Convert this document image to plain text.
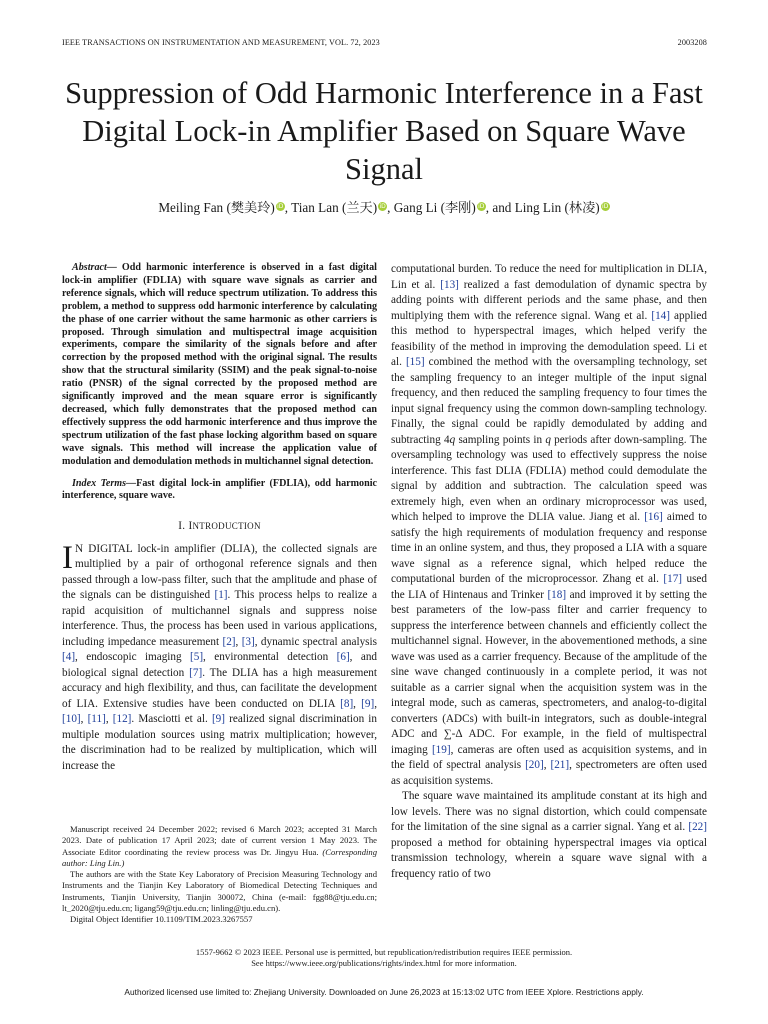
IEEE TRANSACTIONS ON INSTRUMENTATION AND MEASUREMENT, VOL. 72, 2023	2003208
Suppression of Odd Harmonic Interference in a Fast Digital Lock-in Amplifier Based on Square Wave Signal
Meiling Fan (樊美玲) iD, Tian Lan (兰天) iD, Gang Li (李刚) iD, and Ling Lin (林凌) iD

Abstract— Odd harmonic interference is observed in a fast digital lock-in amplifier (FDLIA) with square wave signals as carrier and reference signals, which will reduce spectrum utilization. To address this problem, a method to suppress odd harmonic interference by calculating the phase of one carrier without the same harmonic as other carriers is proposed. Through simulation and multispectral image acquisition experiments, compare the similarity of the signals before and after correction by the proposed method with the original signal. The results show that the structural similarity (SSIM) and the peak signal-to-noise ratio (PNSR) of the signal corrected by the proposed method are significantly improved and the mean square error is significantly decreased, which fully demonstrates that the proposed method can effectively suppress the odd harmonic interference and thus improve the spectrum utilization of the fast phase locking algorithm based on square wave signals. This method will increase the application value of modulation and demodulation methods in multichannel signal detection.

Index Terms—Fast digital lock-in amplifier (FDLIA), odd harmonic interference, square wave.

I. INTRODUCTION

I N DIGITAL lock-in amplifier (DLIA), the collected signals are multiplied by a pair of orthogonal reference signals and then passed through a low-pass filter, such that the amplitude and phase of the signals can be distinguished [1]. This process helps to realize a rapid acquisition of multichannel signals and suppress noise interference. Thus, the process has been used in various applications, including impedance measurement [2], [3], dynamic spectral analysis [4], endoscopic imaging [5], environmental detection [6], and biological signal detection [7]. The DLIA has a high measurement accuracy and high flexibility, and thus, can facilitate the development of LIA. Extensive studies have been conducted on DLIA [8], [9], [10], [11], [12]. Masciotti et al. [9] realized signal discrimination in multiple modulation sources using matrix multiplication; however, the discrimination had to be realized by multiplication, which will increase the

Manuscript received 24 December 2022; revised 6 March 2023; accepted 31 March 2023. Date of publication 17 April 2023; date of current version 1 May 2023. The Associate Editor coordinating the review process was Dr. Jingyu Hua. (Corresponding author: Ling Lin.)

The authors are with the State Key Laboratory of Precision Measuring Technology and Instruments and the Tianjin Key Laboratory of Biomedical Detecting Techniques and Instruments, Tianjin University, Tianjin 300072, China (e-mail: fgg88@tju.edu.cn; lt_2020@tju.edu.cn; ligang59@tju.edu.cn; linling@tju.edu.cn).

Digital Object Identifier 10.1109/TIM.2023.3267557

computational burden. To reduce the need for multiplication in DLIA, Lin et al. [13] realized a fast demodulation of dynamic spectra by adding points with different periods and the same phase, and then multiplying them with the reference signal. Wang et al. [14] applied this method to hyperspectral images, which helped verify the feasibility of the method in improving the demodulation speed. Li et al. [15] combined the method with the oversampling technology, set the sampling frequency to an integer multiple of the input signal frequency, and then reduced the sampling frequency to four times the input signal frequency using the common down-sampling technology. Finally, the signal could be rapidly demodulated by adding and subtracting 4q sampling points in q periods after down-sampling. The oversampling technology was used to effectively suppress the noise interference. This fast DLIA (FDLIA) method could demodulate the signal by addition and subtraction. The calculation speed was extremely high, even when an ordinary microprocessor was used, which helped to improve the DLIA value. Jiang et al. [16] aimed to satisfy the high requirements of modulation frequency and response time in an online system, and thus, they proposed a LIA with a square wave signal as a reference signal, which helped reduce the computational burden of the microprocessor. Zhang et al. [17] used the LIA of Hintenaus and Trinker [18] and improved it by setting the best parameters of the low-pass filter and carrier frequency to suppress the interference between channels and efficiently collect the multichannel signal. However, in the abovementioned methods, a sine wave was used as a carrier frequency. Because of the amplitude of the sine wave changed continuously in a complete period, it was not suitable as a carrier signal when the acquisition system was in the integral mode, such as cameras, spectrometers, and analog-to-digital converters (ADCs) with built-in integrators, such as double-integral ADC and ∑-Δ ADC. For example, in the field of multispectral imaging [19], cameras are often used as acquisition systems, and in the field of spectral analysis [20], [21], spectrometers are often used as acquisition systems.

The square wave maintained its amplitude constant at its high and low levels. There was no signal distortion, which could compensate for the limitation of the sine signal as a carrier signal. Yang et al. [22] proposed a method for obtaining hyperspectral images via optical transmission technology, wherein a square wave signal with a frequency ratio of two

1557-9662 © 2023 IEEE. Personal use is permitted, but republication/redistribution requires IEEE permission.
See https://www.ieee.org/publications/rights/index.html for more information.
Authorized licensed use limited to: Zhejiang University. Downloaded on June 26,2023 at 15:13:02 UTC from IEEE Xplore. Restrictions apply.
